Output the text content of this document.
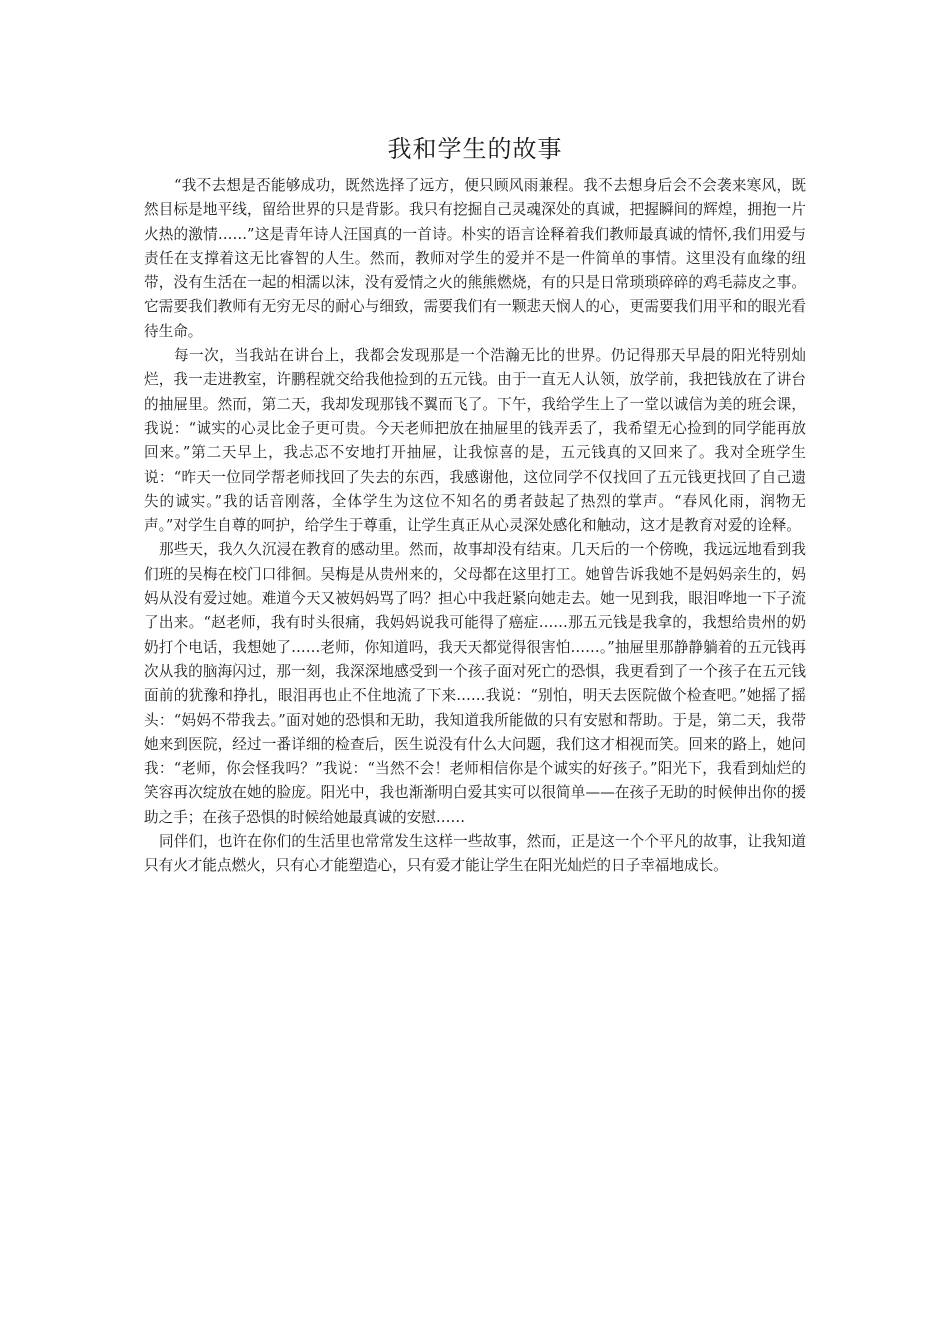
我和学生的故事

“我不去想是否能够成功，既然选择了远方，便只顾风雨兼程。我不去想身后会不会袭来寒风，既然目标是地平线，留给世界的只是背影。我只有挖掘自己灵魂深处的真诚，把握瞬间的辉煌，拥抱一片火热的激情……”这是青年诗人汪国真的一首诗。朴实的语言诠释着我们教师最真诚的情怀,我们用爱与责任在支撑着这无比睿智的人生。然而，教师对学生的爱并不是一件简单的事情。这里没有血缘的纽带，没有生活在一起的相濡以沫，没有爱情之火的熊熊燃烧，有的只是日常琐琐碎碎的鸡毛蒜皮之事。它需要我们教师有无穷无尽的耐心与细致，需要我们有一颗悲天悯人的心，更需要我们用平和的眼光看待生命。

每一次，当我站在讲台上，我都会发现那是一个浩瀚无比的世界。仍记得那天早晨的阳光特别灿烂，我一走进教室，许鹏程就交给我他捡到的五元钱。由于一直无人认领，放学前，我把钱放在了讲台的抽屉里。然而，第二天，我却发现那钱不翼而飞了。下午，我给学生上了一堂以诚信为美的班会课，我说：“诚实的心灵比金子更可贵。今天老师把放在抽屉里的钱弄丢了，我希望无心捡到的同学能再放回来。”第二天早上，我忐忑不安地打开抽屉，让我惊喜的是，五元钱真的又回来了。我对全班学生说：“昨天一位同学帮老师找回了失去的东西，我感谢他，这位同学不仅找回了五元钱更找回了自己遗失的诚实。”我的话音刚落，全体学生为这位不知名的勇者鼓起了热烈的掌声。“春风化雨，润物无声。”对学生自尊的呵护，给学生于尊重，让学生真正从心灵深处感化和触动，这才是教育对爱的诠释。

那些天，我久久沉浸在教育的感动里。然而，故事却没有结束。几天后的一个傍晚，我远远地看到我们班的吴梅在校门口徘徊。吴梅是从贵州来的，父母都在这里打工。她曾告诉我她不是妈妈亲生的，妈妈从没有爱过她。难道今天又被妈妈骂了吗？担心中我赶紧向她走去。她一见到我，眼泪哗地一下子流了出来。“赵老师，我有时头很痛，我妈妈说我可能得了癌症……那五元钱是我拿的，我想给贵州的奶奶打个电话，我想她了……老师，你知道吗，我天天都觉得很害怕……。”抽屉里那静静躺着的五元钱再次从我的脑海闪过，那一刻，我深深地感受到一个孩子面对死亡的恐惧，我更看到了一个孩子在五元钱面前的犹豫和挣扎，眼泪再也止不住地流了下来……我说：“别怕，明天去医院做个检查吧。”她摇了摇头：“妈妈不带我去。”面对她的恐惧和无助，我知道我所能做的只有安慰和帮助。于是，第二天，我带她来到医院，经过一番详细的检查后，医生说没有什么大问题，我们这才相视而笑。回来的路上，她问我：“老师，你会怪我吗？”我说：“当然不会！老师相信你是个诚实的好孩子。”阳光下，我看到灿烂的笑容再次绽放在她的脸庞。阳光中，我也渐渐明白爱其实可以很简单——在孩子无助的时候伸出你的援助之手；在孩子恐惧的时候给她最真诚的安慰……

同伴们，也许在你们的生活里也常常发生这样一些故事，然而，正是这一个个平凡的故事，让我知道只有火才能点燃火，只有心才能塑造心，只有爱才能让学生在阳光灿烂的日子幸福地成长。
